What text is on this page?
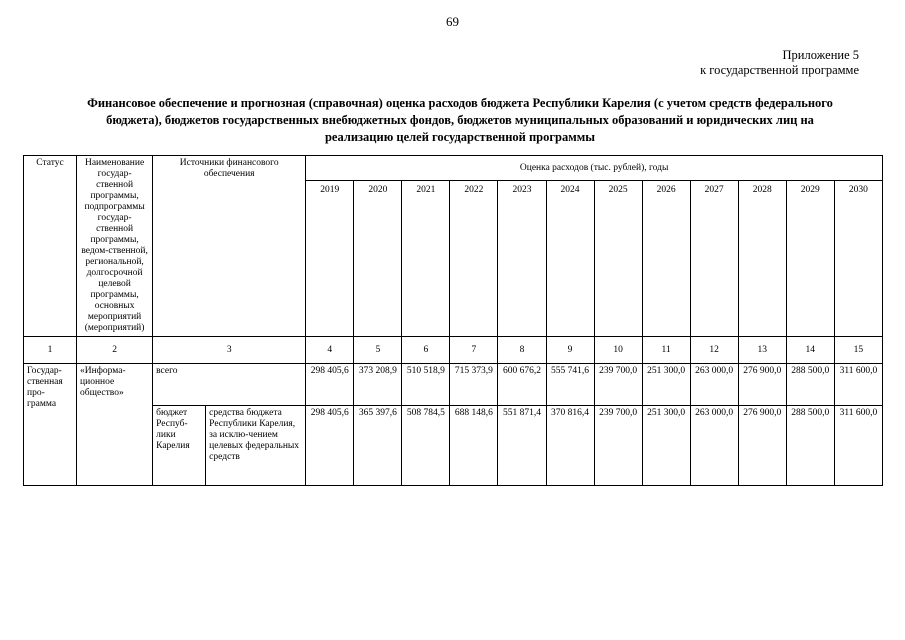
69
Приложение 5
к государственной программе
Финансовое обеспечение и прогнозная (справочная) оценка расходов бюджета Республики Карелия (с учетом средств федерального бюджета), бюджетов государственных внебюджетных фондов, бюджетов муниципальных образований и юридических лиц на реализацию целей государственной программы
Статус	Наименование государ-ственной программы, подпрограммы государ-ственной программы, ведом-ственной, региональной, долгосрочной целевой программы, основных мероприятий (мероприятий)	Источники финансового обеспечения		Оценка расходов (тыс. рублей), годы											
				2019	2020	2021	2022	2023	2024	2025	2026	2027	2028	2029	2030
1	2	3		4	5	6	7	8	9	10	11	12	13	14	15
Государ-ственная про-грамма	«Информа-ционное общество»	всего		298 405,6	373 208,9	510 518,9	715 373,9	600 676,2	555 741,6	239 700,0	251 300,0	263 000,0	276 900,0	288 500,0	311 600,0
		бюджет Респуб-лики Карелия	средства бюджета Республики Карелия, за исклю-чением целевых федеральных средств	298 405,6	365 397,6	508 784,5	688 148,6	551 871,4	370 816,4	239 700,0	251 300,0	263 000,0	276 900,0	288 500,0	311 600,0
